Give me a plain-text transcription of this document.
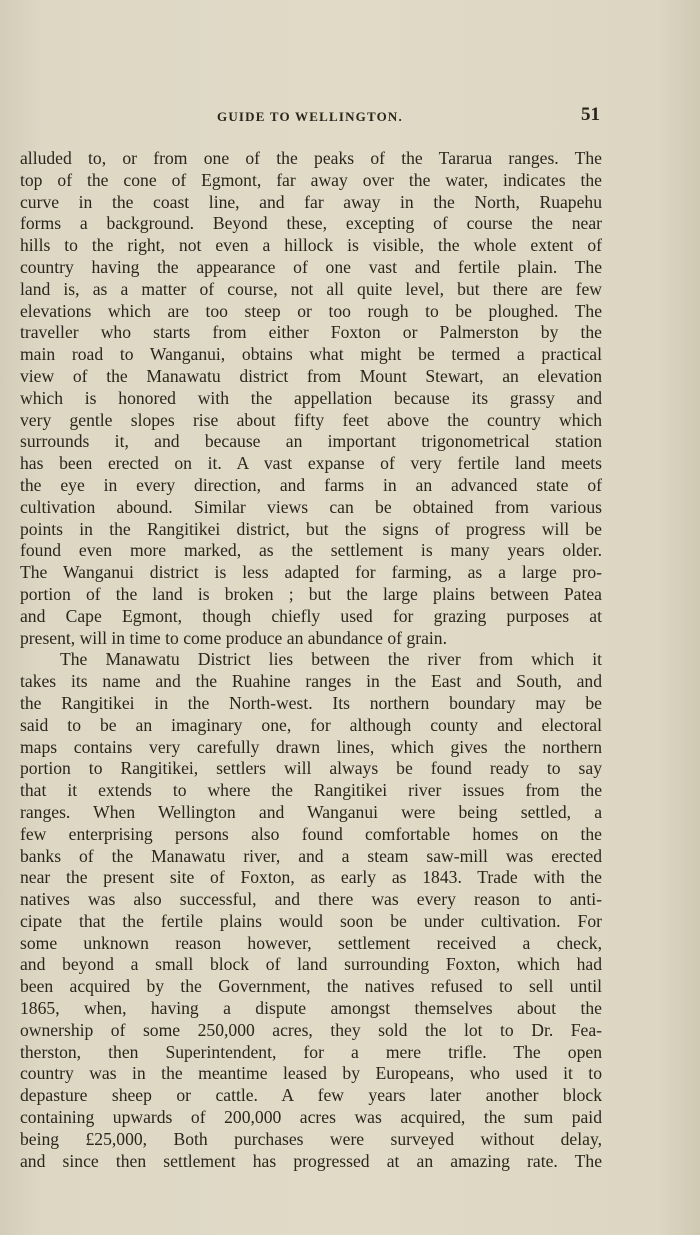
GUIDE TO WELLINGTON.	51
alluded to, or from one of the peaks of the Tararua ranges. The
top of the cone of Egmont, far away over the water, indicates the
curve in the coast line, and far away in the North, Ruapehu
forms a background. Beyond these, excepting of course the near
hills to the right, not even a hillock is visible, the whole extent of
country having the appearance of one vast and fertile plain. The
land is, as a matter of course, not all quite level, but there are few
elevations which are too steep or too rough to be ploughed. The
traveller who starts from either Foxton or Palmerston by the
main road to Wanganui, obtains what might be termed a practical
view of the Manawatu district from Mount Stewart, an elevation
which is honored with the appellation because its grassy and
very gentle slopes rise about fifty feet above the country which
surrounds it, and because an important trigonometrical station
has been erected on it. A vast expanse of very fertile land meets
the eye in every direction, and farms in an advanced state of
cultivation abound. Similar views can be obtained from various
points in the Rangitikei district, but the signs of progress will be
found even more marked, as the settlement is many years older.
The Wanganui district is less adapted for farming, as a large pro-
portion of the land is broken ; but the large plains between Patea
and Cape Egmont, though chiefly used for grazing purposes at
present, will in time to come produce an abundance of grain.
The Manawatu District lies between the river from which it
takes its name and the Ruahine ranges in the East and South, and
the Rangitikei in the North-west. Its northern boundary may be
said to be an imaginary one, for although county and electoral
maps contains very carefully drawn lines, which gives the northern
portion to Rangitikei, settlers will always be found ready to say
that it extends to where the Rangitikei river issues from the
ranges. When Wellington and Wanganui were being settled, a
few enterprising persons also found comfortable homes on the
banks of the Manawatu river, and a steam saw-mill was erected
near the present site of Foxton, as early as 1843. Trade with the
natives was also successful, and there was every reason to anti-
cipate that the fertile plains would soon be under cultivation. For
some unknown reason however, settlement received a check,
and beyond a small block of land surrounding Foxton, which had
been acquired by the Government, the natives refused to sell until
1865, when, having a dispute amongst themselves about the
ownership of some 250,000 acres, they sold the lot to Dr. Fea-
therston, then Superintendent, for a mere trifle. The open
country was in the meantime leased by Europeans, who used it to
depasture sheep or cattle. A few years later another block
containing upwards of 200,000 acres was acquired, the sum paid
being £25,000, Both purchases were surveyed without delay,
and since then settlement has progressed at an amazing rate. The
